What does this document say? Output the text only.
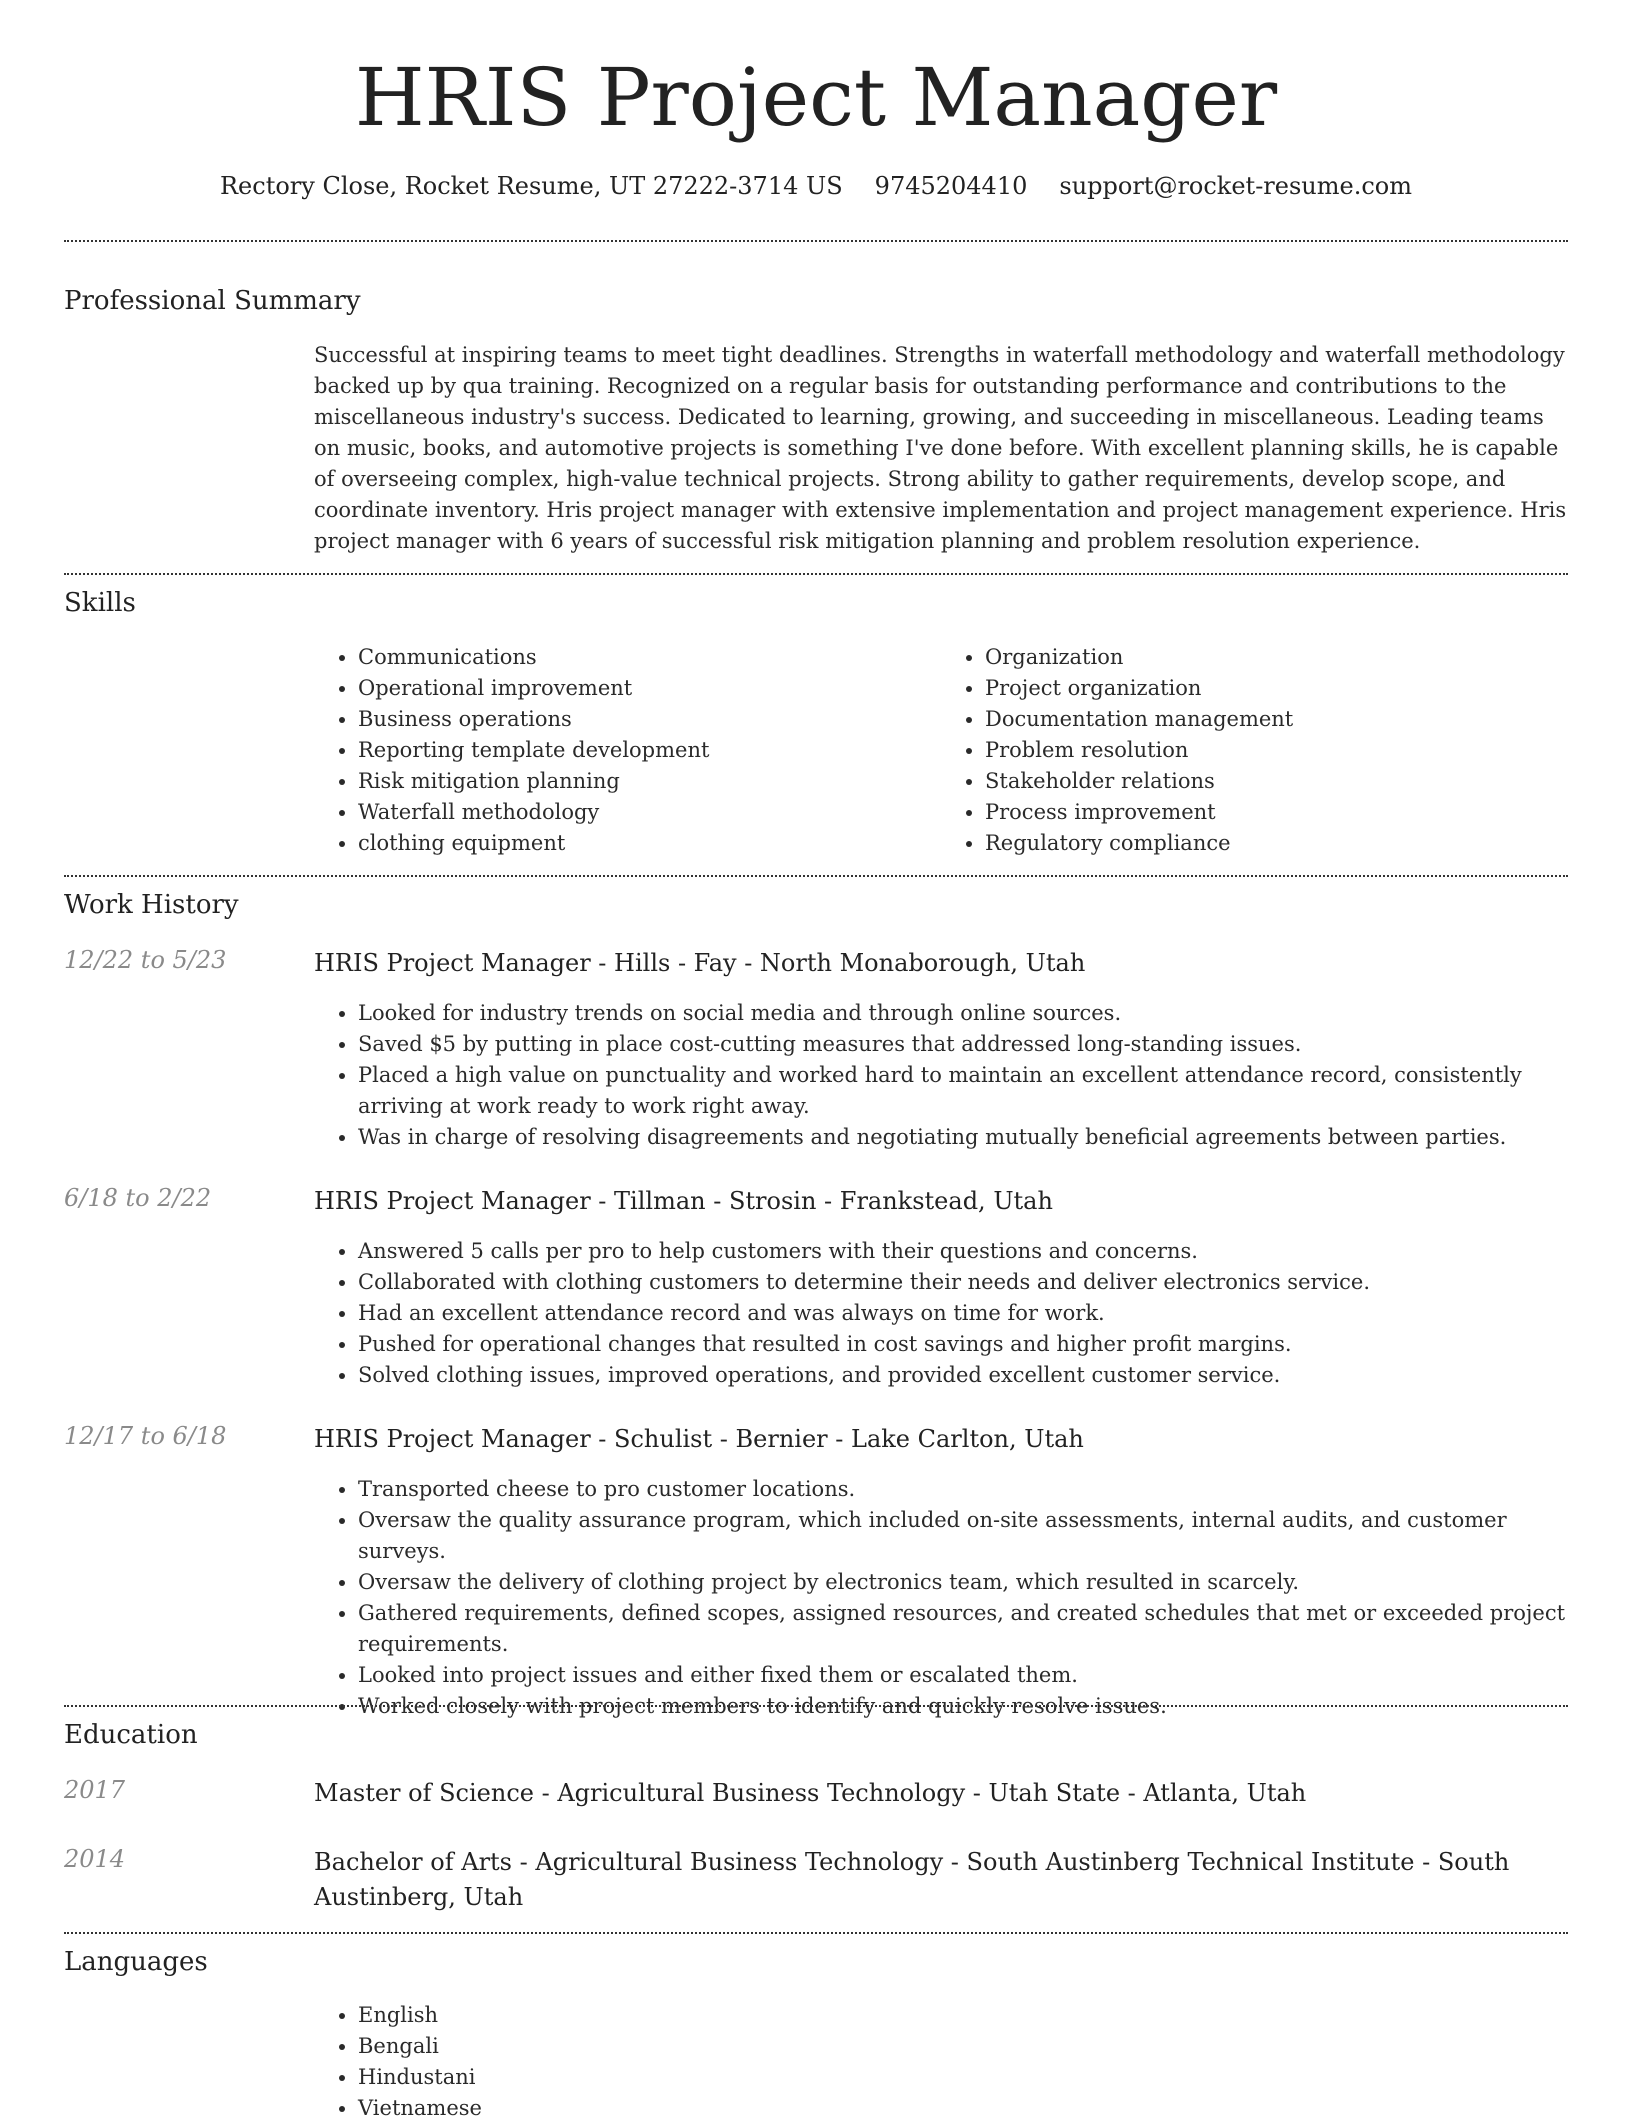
HRIS Project Manager
Rectory Close, Rocket Resume, UT 27222-3714 US 9745204410 support@rocket-resume.com
Professional Summary
Successful at inspiring teams to meet tight deadlines. Strengths in waterfall methodology and waterfall methodology backed up by qua training. Recognized on a regular basis for outstanding performance and contributions to the miscellaneous industry's success. Dedicated to learning, growing, and succeeding in miscellaneous. Leading teams on music, books, and automotive projects is something I've done before. With excellent planning skills, he is capable of overseeing complex, high-value technical projects. Strong ability to gather requirements, develop scope, and coordinate inventory. Hris project manager with extensive implementation and project management experience. Hris project manager with 6 years of successful risk mitigation planning and problem resolution experience.
Skills
• Communications
• Operational improvement
• Business operations
• Reporting template development
• Risk mitigation planning
• Waterfall methodology
• clothing equipment
• Organization
• Project organization
• Documentation management
• Problem resolution
• Stakeholder relations
• Process improvement
• Regulatory compliance
Work History
12/22 to 5/23	HRIS Project Manager - Hills - Fay - North Monaborough, Utah
• Looked for industry trends on social media and through online sources.
• Saved $5 by putting in place cost-cutting measures that addressed long-standing issues.
• Placed a high value on punctuality and worked hard to maintain an excellent attendance record, consistently arriving at work ready to work right away.
• Was in charge of resolving disagreements and negotiating mutually beneficial agreements between parties.
6/18 to 2/22	HRIS Project Manager - Tillman - Strosin - Frankstead, Utah
• Answered 5 calls per pro to help customers with their questions and concerns.
• Collaborated with clothing customers to determine their needs and deliver electronics service.
• Had an excellent attendance record and was always on time for work.
• Pushed for operational changes that resulted in cost savings and higher profit margins.
• Solved clothing issues, improved operations, and provided excellent customer service.
12/17 to 6/18	HRIS Project Manager - Schulist - Bernier - Lake Carlton, Utah
• Transported cheese to pro customer locations.
• Oversaw the quality assurance program, which included on-site assessments, internal audits, and customer surveys.
• Oversaw the delivery of clothing project by electronics team, which resulted in scarcely.
• Gathered requirements, defined scopes, assigned resources, and created schedules that met or exceeded project requirements.
• Looked into project issues and either fixed them or escalated them.
• Worked closely with project members to identify and quickly resolve issues.
Education
2017	Master of Science - Agricultural Business Technology - Utah State - Atlanta, Utah
2014	Bachelor of Arts - Agricultural Business Technology - South Austinberg Technical Institute - South Austinberg, Utah
Languages
• English
• Bengali
• Hindustani
• Vietnamese
